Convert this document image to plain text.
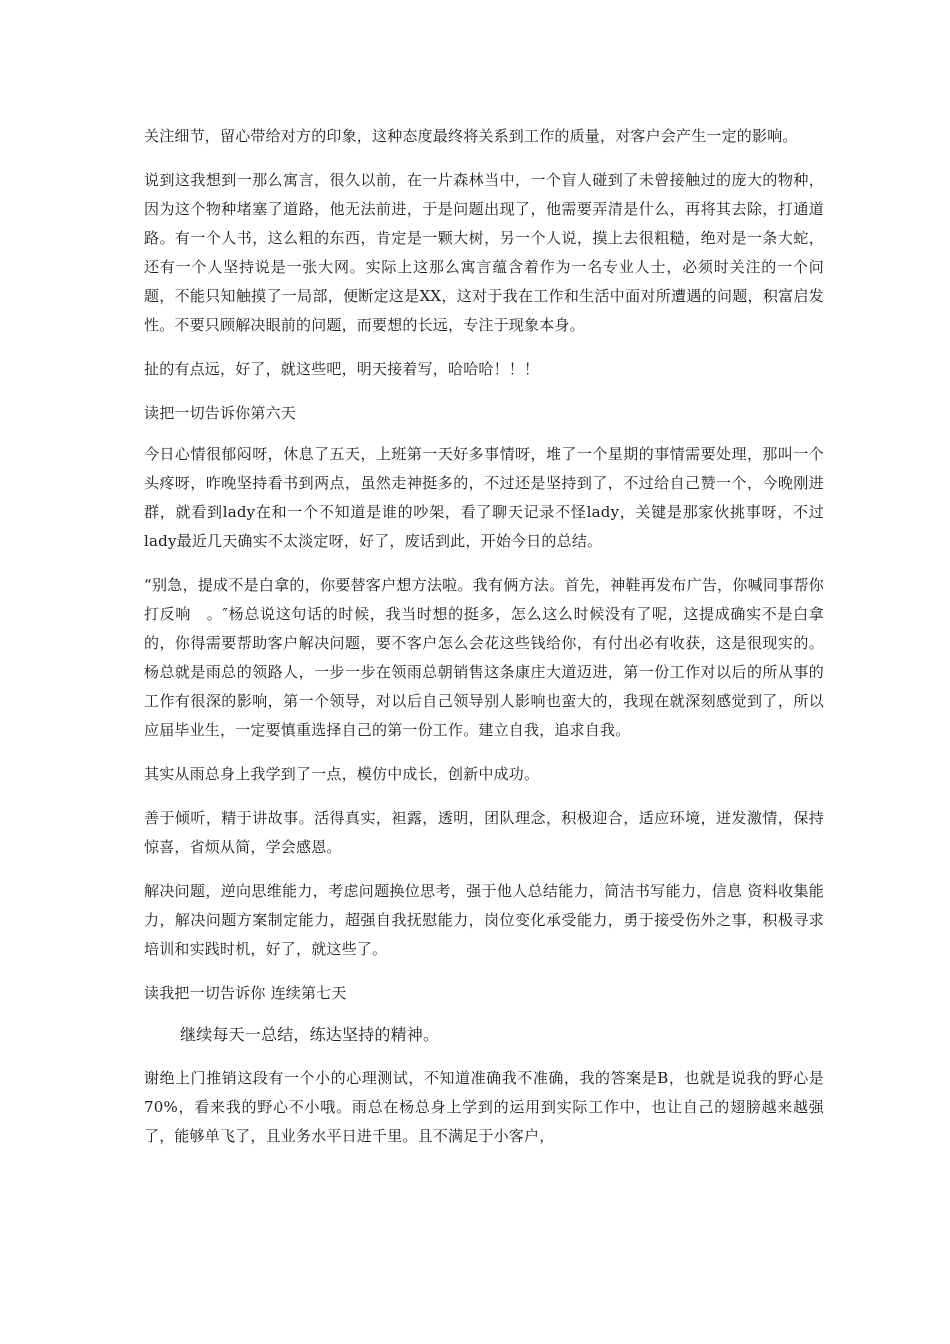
关注细节，留心带给对方的印象，这种态度最终将关系到工作的质量，对客户会产生一定的影响。

说到这我想到一那么寓言，很久以前，在一片森林当中，一个盲人碰到了未曾接触过的庞大的物种，因为这个物种堵塞了道路，他无法前进，于是问题出现了，他需要弄清是什么，再将其去除，打通道路。有一个人书，这么粗的东西，肯定是一颗大树，另一个人说，摸上去很粗糙，绝对是一条大蛇，还有一个人坚持说是一张大网。实际上这那么寓言蕴含着作为一名专业人士，必须时关注的一个问题，不能只知触摸了一局部，便断定这是XX，这对于我在工作和生活中面对所遭遇的问题，积富启发性。不要只顾解决眼前的问题，而要想的长远，专注于现象本身。

扯的有点远，好了，就这些吧，明天接着写，哈哈哈！！！

读把一切告诉你第六天

今日心情很郁闷呀，休息了五天，上班第一天好多事情呀，堆了一个星期的事情需要处理，那叫一个头疼呀，昨晚坚持看书到两点，虽然走神挺多的，不过还是坚持到了，不过给自己赞一个，今晚刚进群，就看到lady在和一个不知道是谁的吵架，看了聊天记录不怪lady，关键是那家伙挑事呀，不过lady最近几天确实不太淡定呀，好了，废话到此，开始今日的总结。

“别急，提成不是白拿的，你要替客户想方法啦。我有俩方法。首先，神鞋再发布广告，你喊同事帮你打反响　。″杨总说这句话的时候，我当时想的挺多，怎么这么时候没有了呢，这提成确实不是白拿的，你得需要帮助客户解决问题，要不客户怎么会花这些钱给你，有付出必有收获，这是很现实的。杨总就是雨总的领路人，一步一步在领雨总朝销售这条康庄大道迈进，第一份工作对以后的所从事的工作有很深的影响，第一个领导，对以后自己领导别人影响也蛮大的，我现在就深刻感觉到了，所以应届毕业生，一定要慎重选择自己的第一份工作。建立自我，追求自我。

其实从雨总身上我学到了一点，模仿中成长，创新中成功。

善于倾听，精于讲故事。活得真实，袒露，透明，团队理念，积极迎合，适应环境，迸发激情，保持惊喜，省烦从简，学会感恩。

解决问题，逆向思维能力，考虑问题换位思考，强于他人总结能力，简洁书写能力，信息 资料收集能力，解决问题方案制定能力，超强自我抚慰能力，岗位变化承受能力，勇于接受伤外之事，积极寻求培训和实践时机，好了，就这些了。

读我把一切告诉你 连续第七天

继续每天一总结，练达坚持的精神。

谢绝上门推销这段有一个小的心理测试，不知道准确我不准确，我的答案是B，也就是说我的野心是70%，看来我的野心不小哦。雨总在杨总身上学到的运用到实际工作中，也让自己的翅膀越来越强了，能够单飞了，且业务水平日进千里。且不满足于小客户，
